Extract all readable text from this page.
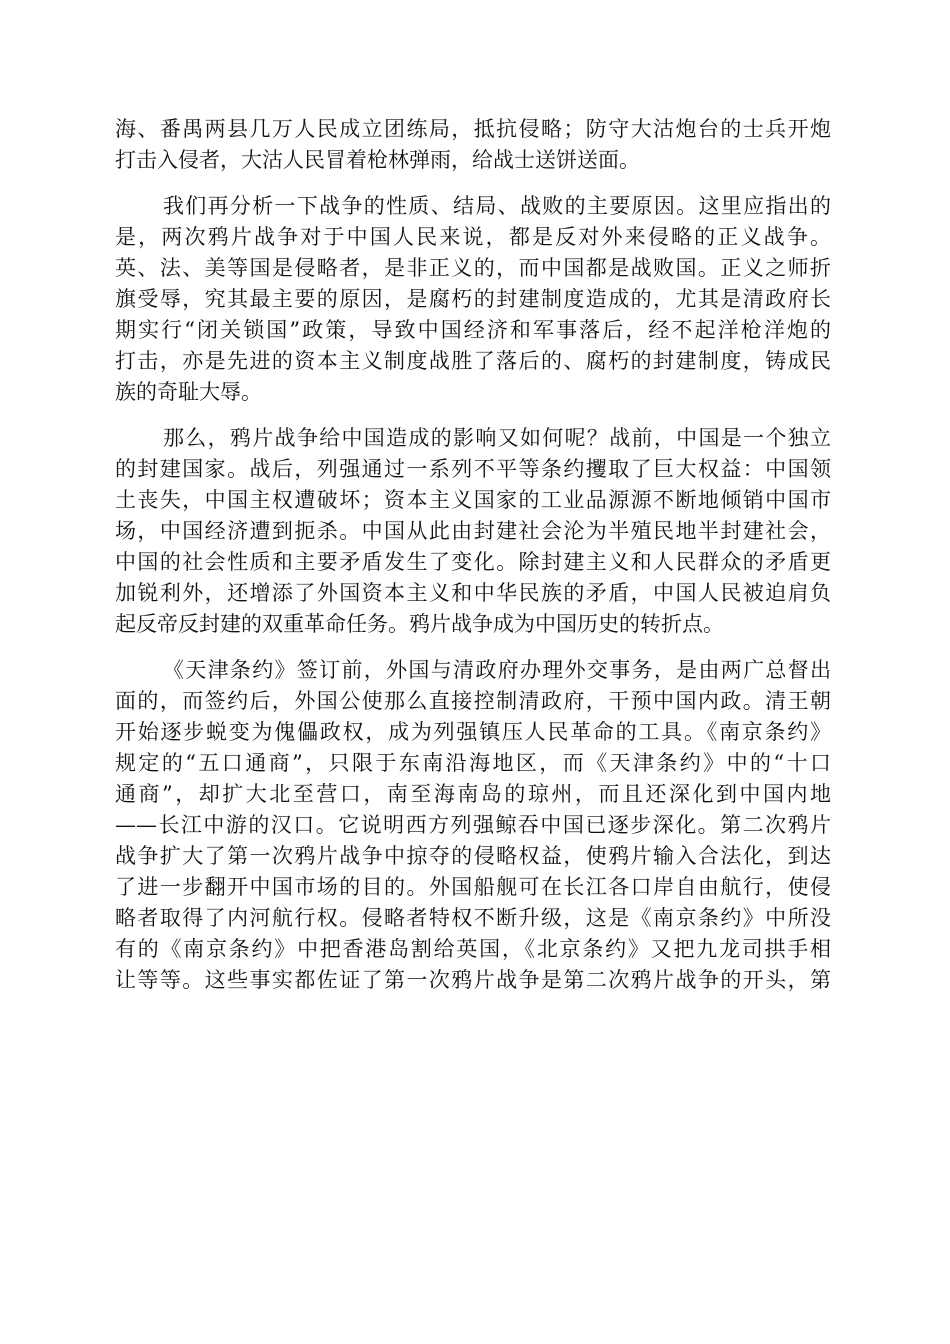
海、番禺两县几万人民成立团练局，抵抗侵略；防守大沽炮台的士兵开炮
打击入侵者，大沽人民冒着枪林弹雨，给战士送饼送面。
我们再分析一下战争的性质、结局、战败的主要原因。这里应指出的
是，两次鸦片战争对于中国人民来说，都是反对外来侵略的正义战争。
英、法、美等国是侵略者，是非正义的，而中国都是战败国。正义之师折
旗受辱，究其最主要的原因，是腐朽的封建制度造成的，尤其是清政府长
期实行“闭关锁国”政策，导致中国经济和军事落后，经不起洋枪洋炮的
打击，亦是先进的资本主义制度战胜了落后的、腐朽的封建制度，铸成民
族的奇耻大辱。
那么，鸦片战争给中国造成的影响又如何呢？战前，中国是一个独立
的封建国家。战后，列强通过一系列不平等条约攫取了巨大权益：中国领
土丧失，中国主权遭破坏；资本主义国家的工业品源源不断地倾销中国市
场，中国经济遭到扼杀。中国从此由封建社会沦为半殖民地半封建社会，
中国的社会性质和主要矛盾发生了变化。除封建主义和人民群众的矛盾更
加锐利外，还增添了外国资本主义和中华民族的矛盾，中国人民被迫肩负
起反帝反封建的双重革命任务。鸦片战争成为中国历史的转折点。
《天津条约》签订前，外国与清政府办理外交事务，是由两广总督出
面的，而签约后，外国公使那么直接控制清政府，干预中国内政。清王朝
开始逐步蜕变为傀儡政权，成为列强镇压人民革命的工具。《南京条约》
规定的“五口通商”，只限于东南沿海地区，而《天津条约》中的“十口
通商”，却扩大北至营口，南至海南岛的琼州，而且还深化到中国内地
——长江中游的汉口。它说明西方列强鲸吞中国已逐步深化。第二次鸦片
战争扩大了第一次鸦片战争中掠夺的侵略权益，使鸦片输入合法化，到达
了进一步翻开中国市场的目的。外国船舰可在长江各口岸自由航行，使侵
略者取得了内河航行权。侵略者特权不断升级，这是《南京条约》中所没
有的《南京条约》中把香港岛割给英国，《北京条约》又把九龙司拱手相
让等等。这些事实都佐证了第一次鸦片战争是第二次鸦片战争的开头，第
